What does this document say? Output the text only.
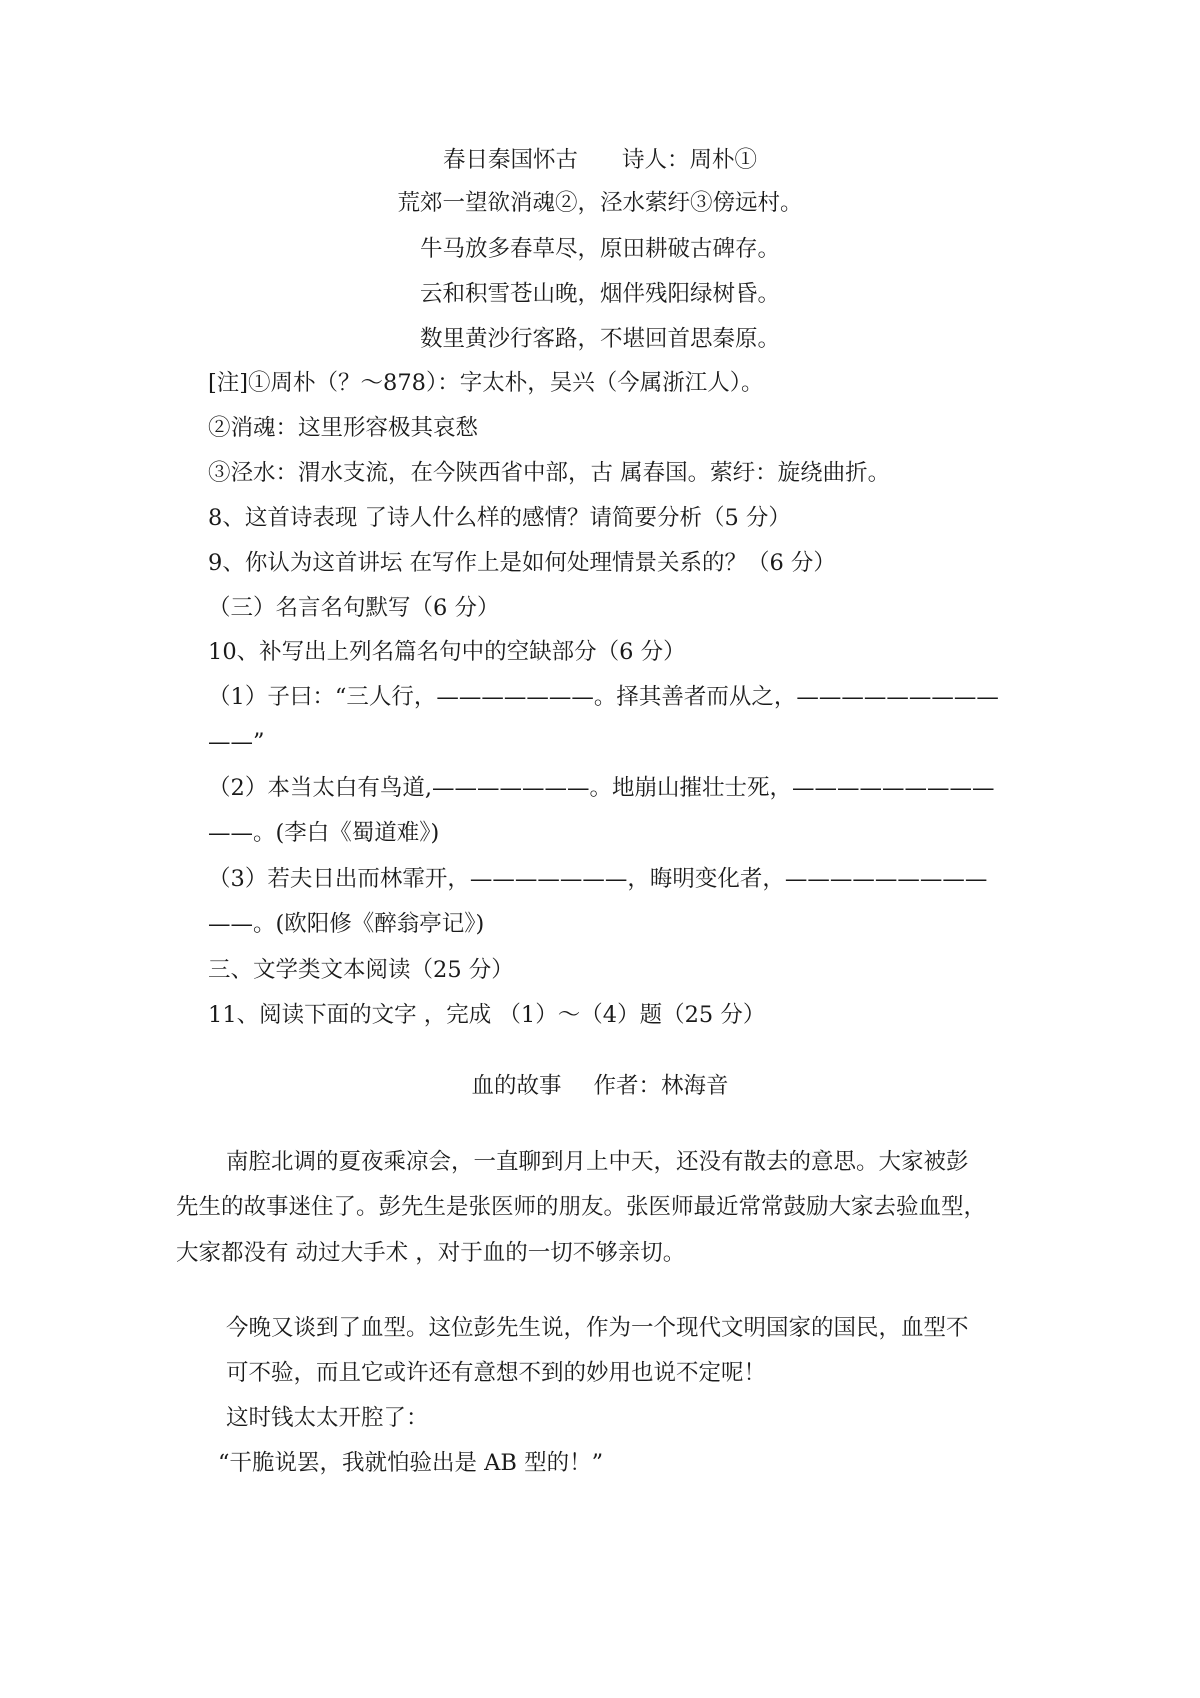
春日秦国怀古 诗人：周朴①

荒郊一望欲消魂②，泾水萦纡③傍远村。

牛马放多春草尽，原田耕破古碑存。

云和积雪苍山晚，烟伴残阳绿树昏。

数里黄沙行客路，不堪回首思秦原。

[注]①周朴（？～878）：字太朴，吴兴（今属浙江人）。

②消魂：这里形容极其哀愁

③泾水：渭水支流，在今陕西省中部，古 属春国。萦纡：旋绕曲折。

8、这首诗表现 了诗人什么样的感情？请简要分析（5 分）

9、你认为这首讲坛 在写作上是如何处理情景关系的？（6 分）

（三）名言名句默写（6 分）

10、补写出上列名篇名句中的空缺部分（6 分）

（1）子曰：“三人行，———————。择其善者而从之，—————————

——”

（2）本当太白有鸟道,———————。地崩山摧壮士死，—————————

——。(李白《蜀道难》)

（3）若夫日出而林霏开，———————，晦明变化者，—————————

——。(欧阳修《醉翁亭记》)

三、文学类文本阅读（25 分）

11、阅读下面的文字 ，完成 （1）～（4）题（25 分）

血的故事 作者：林海音

南腔北调的夏夜乘凉会，一直聊到月上中天，还没有散去的意思。大家被彭

先生的故事迷住了。彭先生是张医师的朋友。张医师最近常常鼓励大家去验血型，

大家都没有 动过大手术 ，对于血的一切不够亲切。

今晚又谈到了血型。这位彭先生说，作为一个现代文明国家的国民，血型不

可不验，而且它或许还有意想不到的妙用也说不定呢！

这时钱太太开腔了：

“干脆说罢，我就怕验出是 AB 型的！”
